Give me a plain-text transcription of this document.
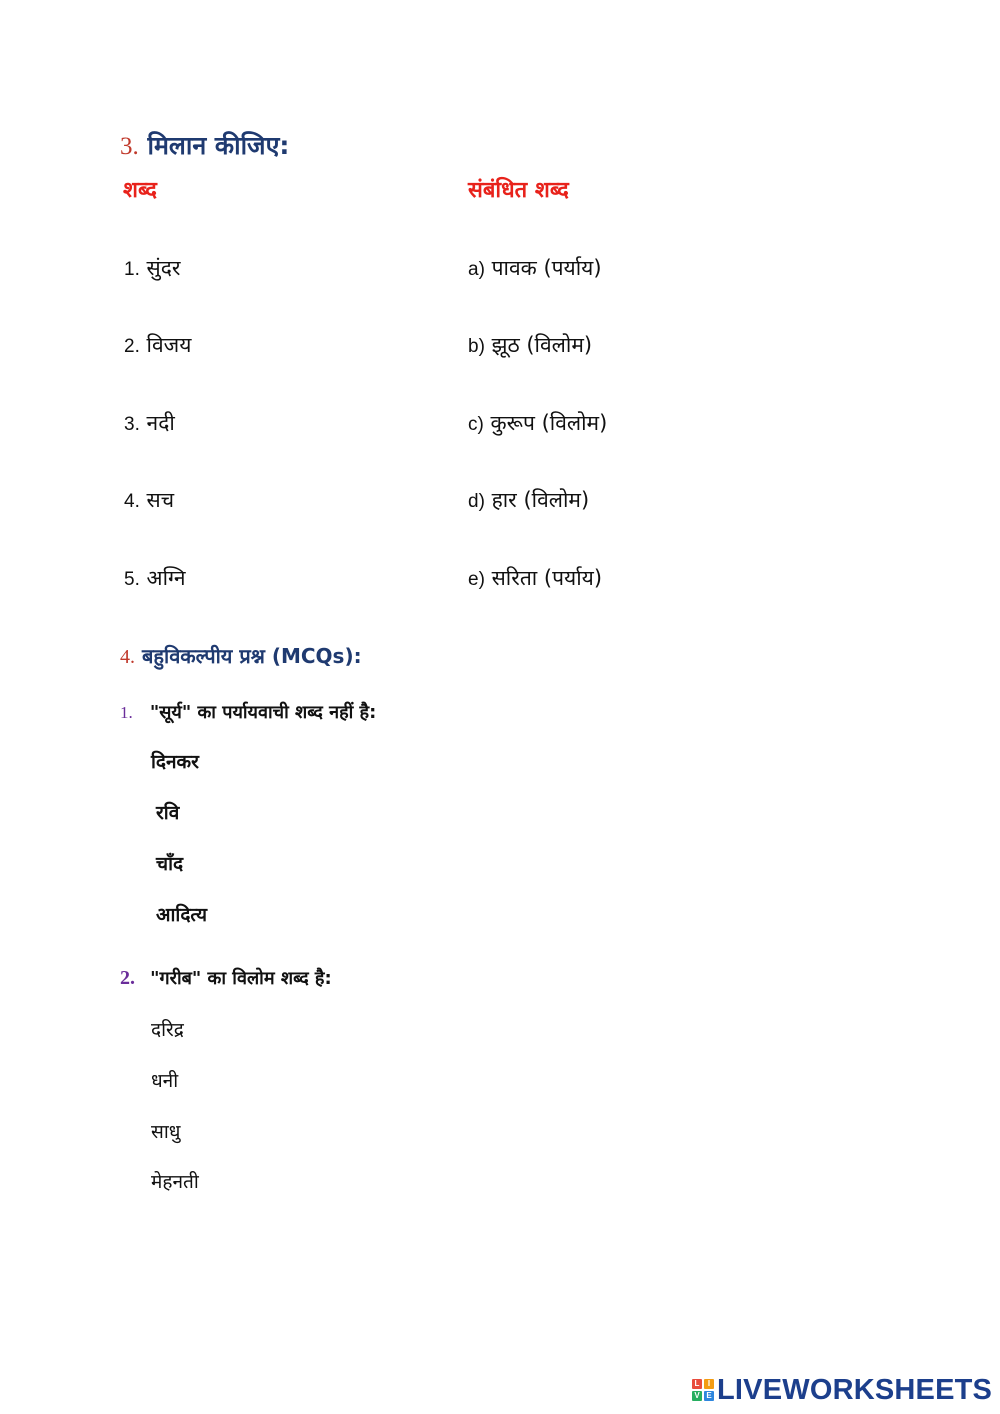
3. मिलान कीजिए:
शब्द	संबंधित शब्द
1. सुंदर
2. विजय
3. नदी
4. सच
5. अग्नि
a) पावक (पर्याय)
b) झूठ (विलोम)
c) कुरूप (विलोम)
d) हार (विलोम)
e) सरिता (पर्याय)
4. बहुविकल्पीय प्रश्न (MCQs):
1. "सूर्य" का पर्यायवाची शब्द नहीं है:
दिनकर
रवि
चाँद
आदित्य
2. "गरीब" का विलोम शब्द है:
दरिद्र
धनी
साधु
मेहनती
L	I
V E LIVEWORKSHEETS
